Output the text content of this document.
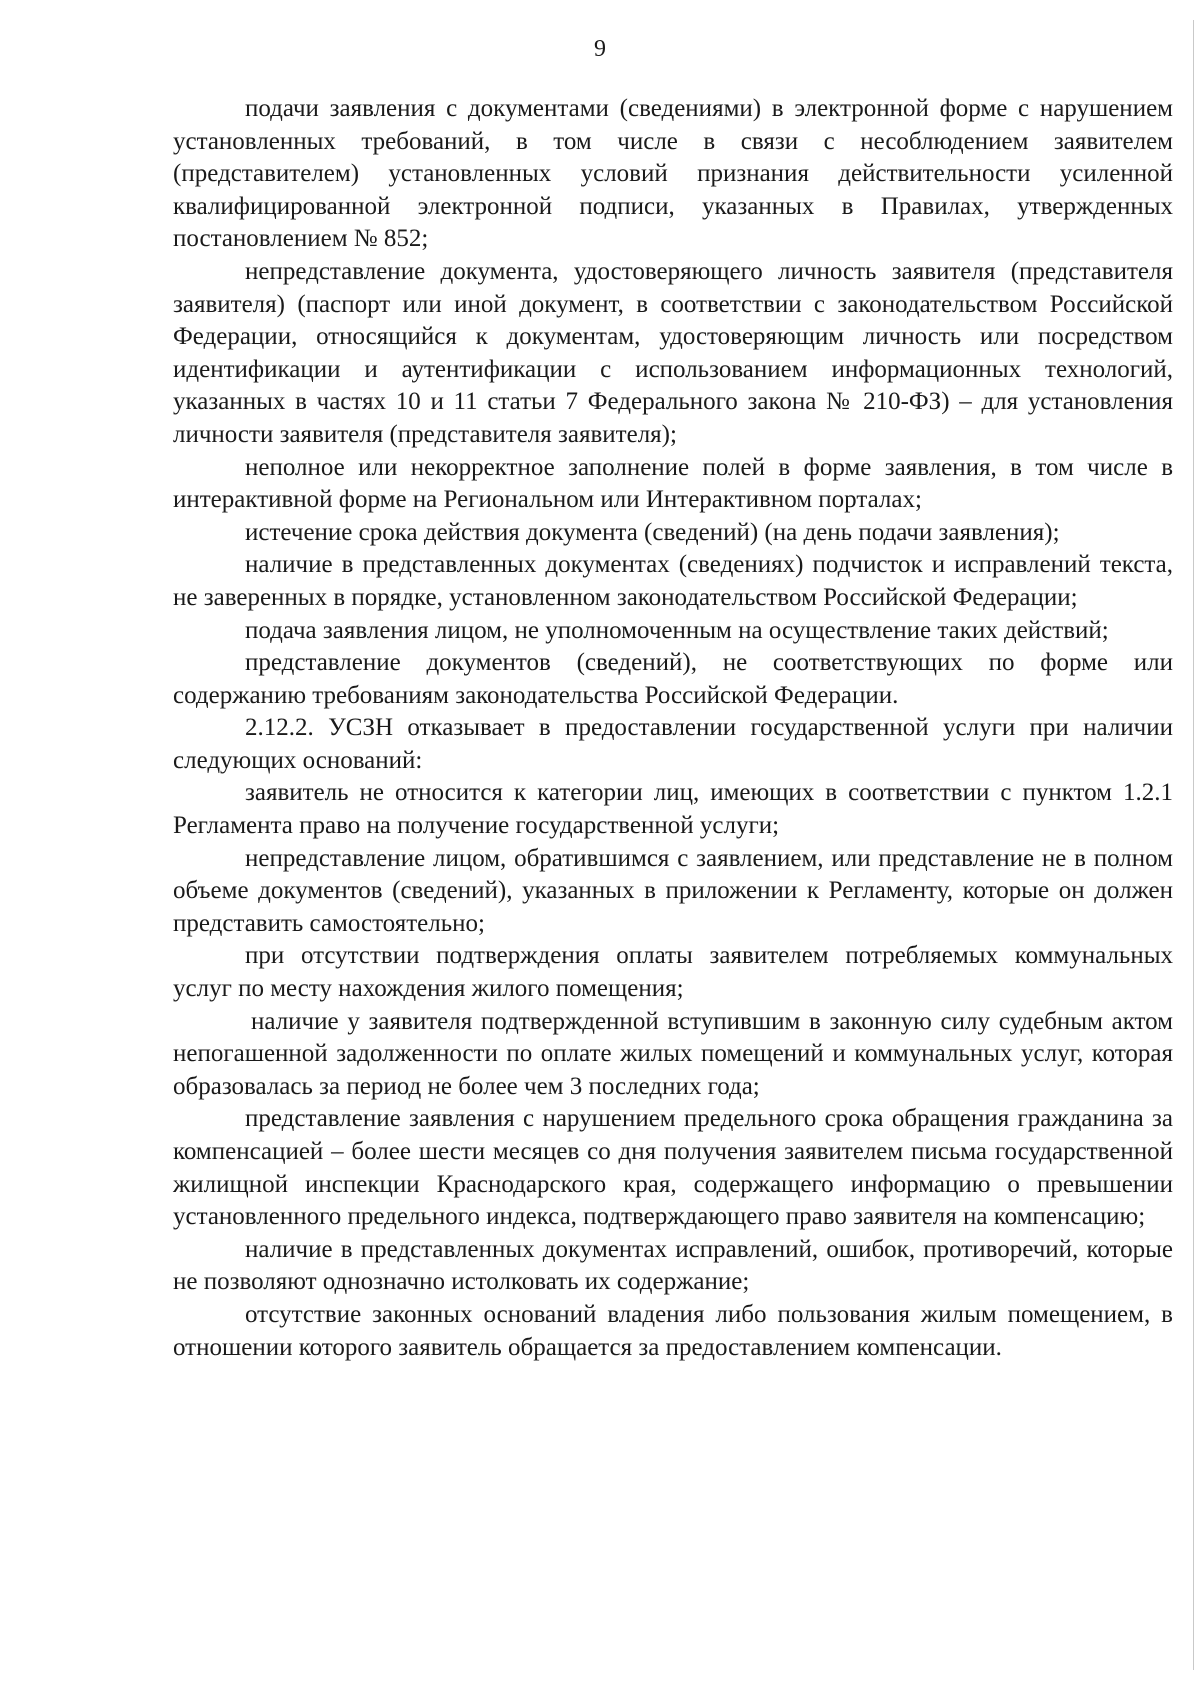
9

подачи заявления с документами (сведениями) в электронной форме с нарушением установленных требований, в том числе в связи с несоблюдением заявителем (представителем) установленных условий признания действительности усиленной квалифицированной электронной подписи, указанных в Правилах, утвержденных постановлением № 852;

непредставление документа, удостоверяющего личность заявителя (представителя заявителя) (паспорт или иной документ, в соответствии с законодательством Российской Федерации, относящийся к документам, удостоверяющим личность или посредством идентификации и аутентификации с использованием информационных технологий, указанных в частях 10 и 11 статьи 7 Федерального закона № 210-ФЗ) – для установления личности заявителя (представителя заявителя);

неполное или некорректное заполнение полей в форме заявления, в том числе в интерактивной форме на Региональном или Интерактивном порталах;

истечение срока действия документа (сведений) (на день подачи заявления);

наличие в представленных документах (сведениях) подчисток и исправлений текста, не заверенных в порядке, установленном законодательством Российской Федерации;

подача заявления лицом, не уполномоченным на осуществление таких действий;

представление документов (сведений), не соответствующих по форме или содержанию требованиям законодательства Российской Федерации.

2.12.2. УСЗН отказывает в предоставлении государственной услуги при наличии следующих оснований:

заявитель не относится к категории лиц, имеющих в соответствии с пунктом 1.2.1 Регламента право на получение государственной услуги;

непредставление лицом, обратившимся с заявлением, или представление не в полном объеме документов (сведений), указанных в приложении к Регламенту, которые он должен представить самостоятельно;

при отсутствии подтверждения оплаты заявителем потребляемых коммунальных услуг по месту нахождения жилого помещения;

наличие у заявителя подтвержденной вступившим в законную силу судебным актом непогашенной задолженности по оплате жилых помещений и коммунальных услуг, которая образовалась за период не более чем 3 последних года;

представление заявления с нарушением предельного срока обращения гражданина за компенсацией – более шести месяцев со дня получения заявителем письма государственной жилищной инспекции Краснодарского края, содержащего информацию о превышении установленного предельного индекса, подтверждающего право заявителя на компенсацию;

наличие в представленных документах исправлений, ошибок, противоречий, которые не позволяют однозначно истолковать их содержание;

отсутствие законных оснований владения либо пользования жилым помещением, в отношении которого заявитель обращается за предоставлением компенсации.
